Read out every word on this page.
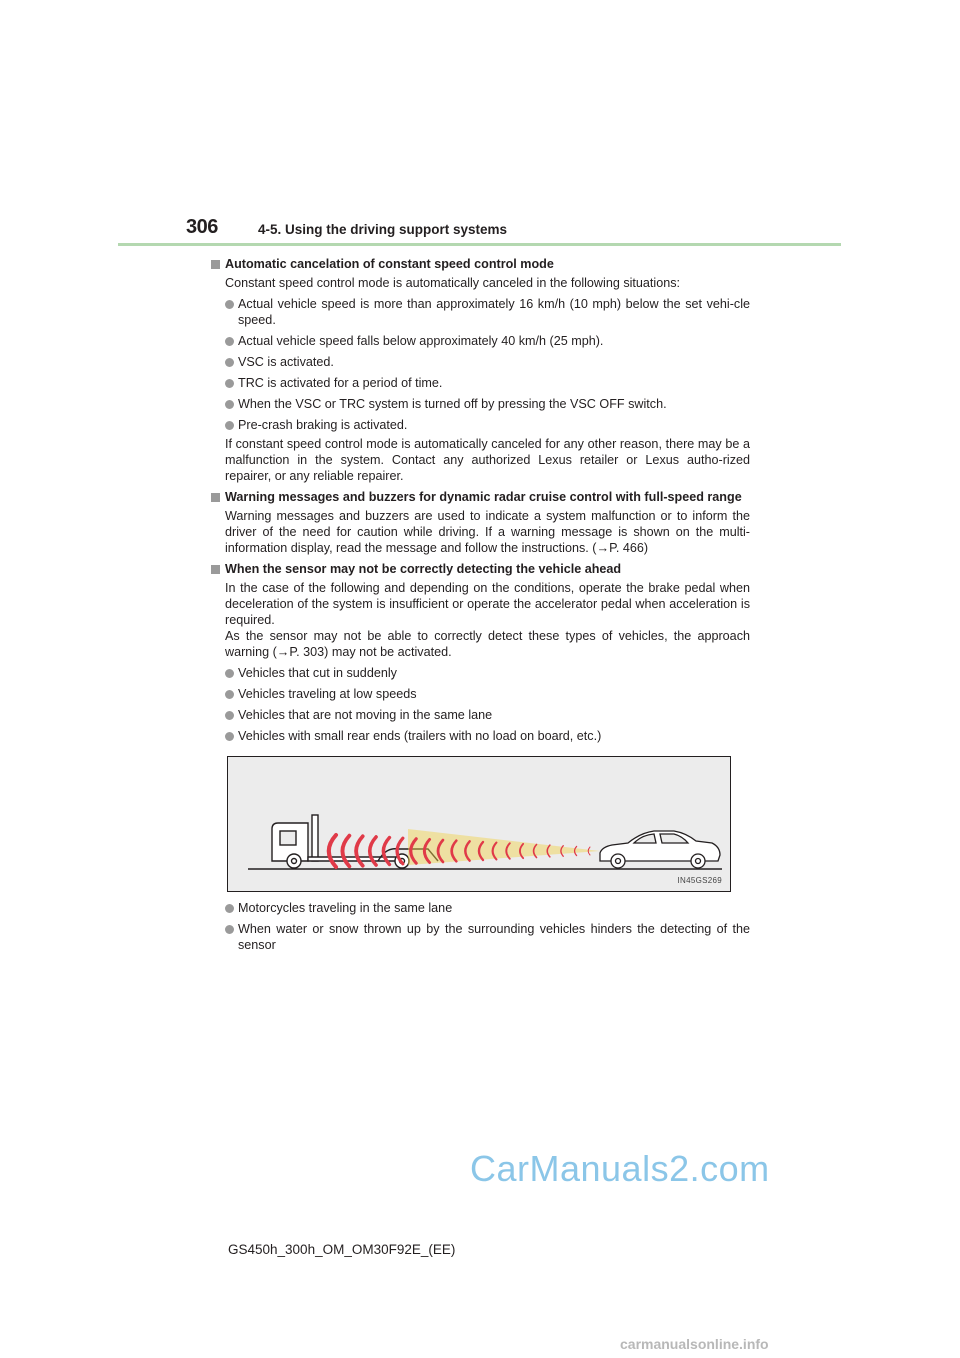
306	4-5. Using the driving support systems
Automatic cancelation of constant speed control mode
Constant speed control mode is automatically canceled in the following situations:
Actual vehicle speed is more than approximately 16 km/h (10 mph) below the set vehi-cle speed.
Actual vehicle speed falls below approximately 40 km/h (25 mph).
VSC is activated.
TRC is activated for a period of time.
When the VSC or TRC system is turned off by pressing the VSC OFF switch.
Pre-crash braking is activated.
If constant speed control mode is automatically canceled for any other reason, there may be a malfunction in the system. Contact any authorized Lexus retailer or Lexus autho-rized repairer, or any reliable repairer.
Warning messages and buzzers for dynamic radar cruise control with full-speed range
Warning messages and buzzers are used to indicate a system malfunction or to inform the driver of the need for caution while driving. If a warning message is shown on the multi-information display, read the message and follow the instructions. (→P. 466)
When the sensor may not be correctly detecting the vehicle ahead
In the case of the following and depending on the conditions, operate the brake pedal when deceleration of the system is insufficient or operate the accelerator pedal when acceleration is required.
As the sensor may not be able to correctly detect these types of vehicles, the approach warning (→P. 303) may not be activated.
Vehicles that cut in suddenly
Vehicles traveling at low speeds
Vehicles that are not moving in the same lane
Vehicles with small rear ends (trailers with no load on board, etc.)
IN45GS269
Motorcycles traveling in the same lane
When water or snow thrown up by the surrounding vehicles hinders the detecting of the sensor
CarManuals2.com
carmanualsonline.info
GS450h_300h_OM_OM30F92E_(EE)
